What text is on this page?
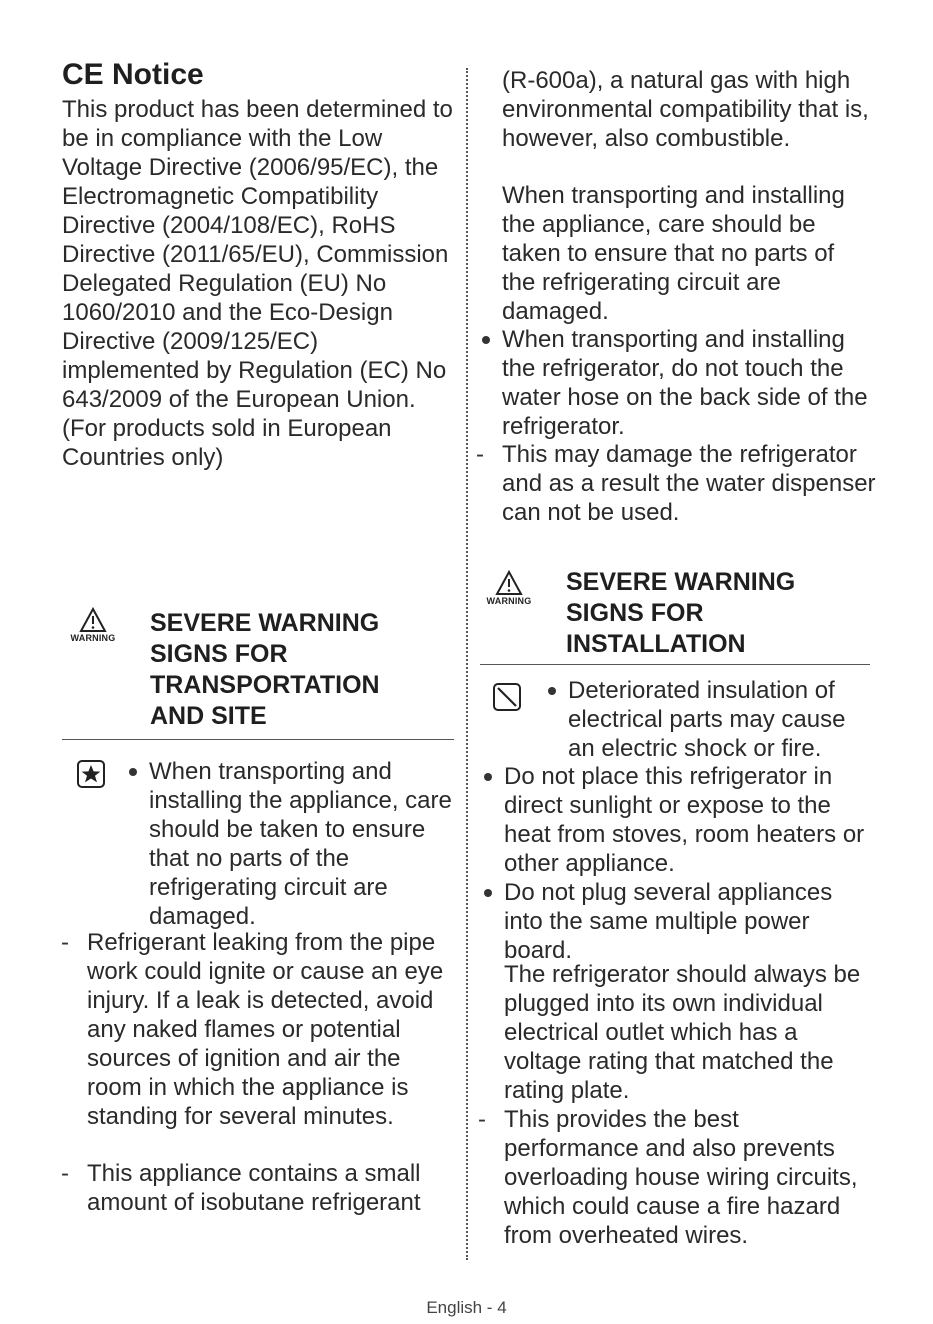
CE Notice
This product has been determined to be in compliance with the Low Voltage Directive (2006/95/EC), the Electromagnetic Compatibility Directive (2004/108/EC), RoHS Directive (2011/65/EU), Commission Delegated Regulation (EU) No 1060/2010 and the Eco-Design Directive (2009/125/EC) implemented by Regulation (EC) No 643/2009 of the European Union. (For products sold in European Countries only)
WARNING
SEVERE WARNING
SIGNS FOR
TRANSPORTATION
AND SITE
When transporting and installing the appliance, care should be taken to ensure that no parts of the refrigerating circuit are damaged.
- Refrigerant leaking from the pipe work could ignite or cause an eye injury. If a leak is detected, avoid any naked flames or potential sources of ignition and air the room in which the appliance is standing for several minutes.
- This appliance contains a small amount of isobutane refrigerant
(R-600a), a natural gas with high environmental compatibility that is, however, also combustible.
When transporting and installing the appliance, care should be taken to ensure that no parts of the refrigerating circuit are damaged.
When transporting and installing the refrigerator, do not touch the water hose on the back side of the refrigerator.
- This may damage the refrigerator and as a result the water dispenser can not be used.
WARNING
SEVERE WARNING
SIGNS FOR
INSTALLATION
Deteriorated insulation of electrical parts may cause an electric shock or fire.
Do not place this refrigerator in direct sunlight or expose to the heat from stoves, room heaters or other appliance.
Do not plug several appliances into the same multiple power board.
The refrigerator should always be plugged into its own individual electrical outlet which has a voltage rating that matched the rating plate.
- This provides the best performance and also prevents overloading house wiring circuits, which could cause a fire hazard from overheated wires.
English - 4
